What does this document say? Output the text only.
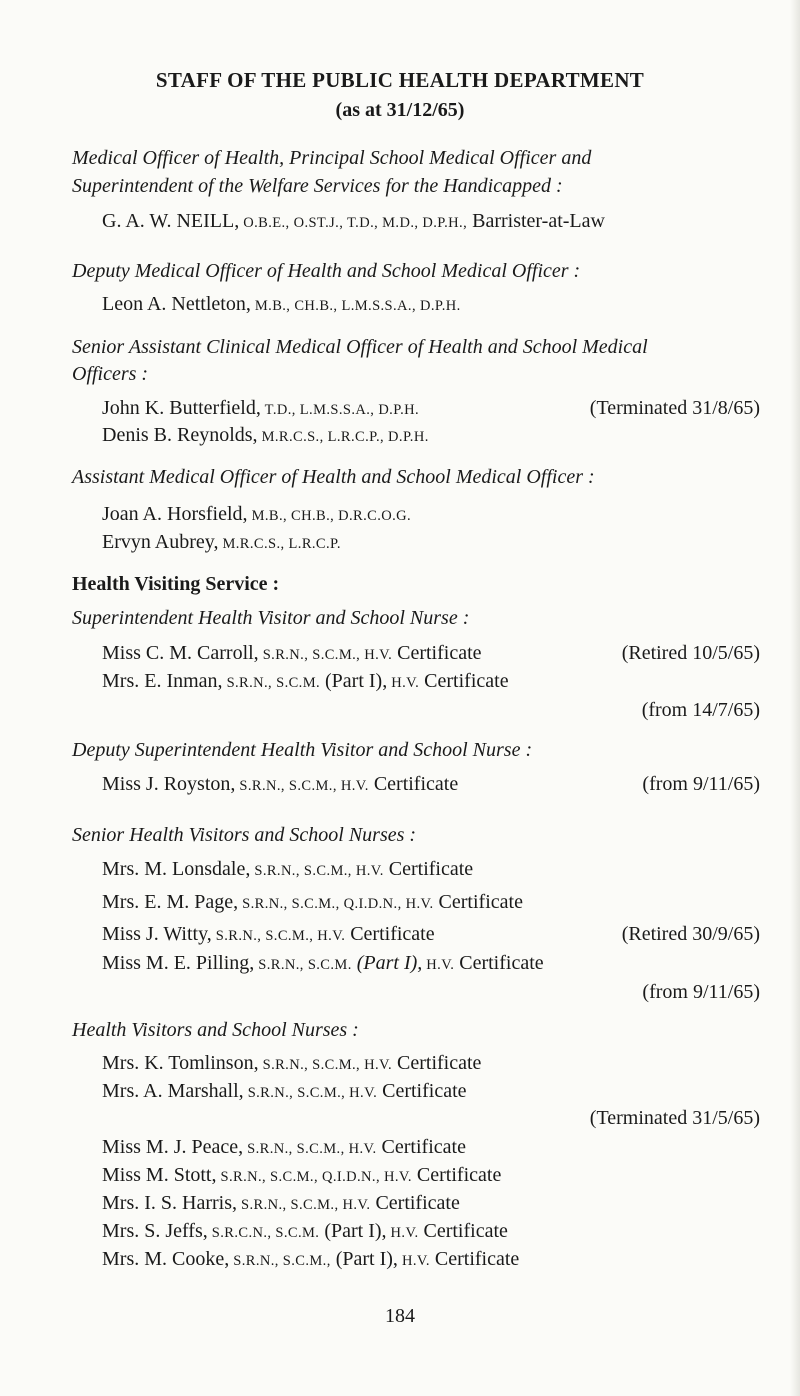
STAFF OF THE PUBLIC HEALTH DEPARTMENT
(as at 31/12/65)
Medical Officer of Health, Principal School Medical Officer and
Superintendent of the Welfare Services for the Handicapped :
G. A. W. NEILL, O.B.E., O.ST.J., T.D., M.D., D.P.H., Barrister-at-Law
Deputy Medical Officer of Health and School Medical Officer :
Leon A. Nettleton, M.B., CH.B., L.M.S.S.A., D.P.H.
Senior Assistant Clinical Medical Officer of Health and School Medical
Officers :
John K. Butterfield, T.D., L.M.S.S.A., D.P.H.	(Terminated 31/8/65)
Denis B. Reynolds, M.R.C.S., L.R.C.P., D.P.H.
Assistant Medical Officer of Health and School Medical Officer :
Joan A. Horsfield, M.B., CH.B., D.R.C.O.G.
Ervyn Aubrey, M.R.C.S., L.R.C.P.
Health Visiting Service :
Superintendent Health Visitor and School Nurse :
Miss C. M. Carroll, S.R.N., S.C.M., H.V. Certificate	(Retired 10/5/65)
Mrs. E. Inman, S.R.N., S.C.M. (Part I), H.V. Certificate
(from 14/7/65)
Deputy Superintendent Health Visitor and School Nurse :
Miss J. Royston, S.R.N., S.C.M., H.V. Certificate	(from 9/11/65)
Senior Health Visitors and School Nurses :
Mrs. M. Lonsdale, S.R.N., S.C.M., H.V. Certificate
Mrs. E. M. Page, S.R.N., S.C.M., Q.I.D.N., H.V. Certificate
Miss J. Witty, S.R.N., S.C.M., H.V. Certificate	(Retired 30/9/65)
Miss M. E. Pilling, S.R.N., S.C.M. (Part I), H.V. Certificate
(from 9/11/65)
Health Visitors and School Nurses :
Mrs. K. Tomlinson, S.R.N., S.C.M., H.V. Certificate
Mrs. A. Marshall, S.R.N., S.C.M., H.V. Certificate
(Terminated 31/5/65)
Miss M. J. Peace, S.R.N., S.C.M., H.V. Certificate
Miss M. Stott, S.R.N., S.C.M., Q.I.D.N., H.V. Certificate
Mrs. I. S. Harris, S.R.N., S.C.M., H.V. Certificate
Mrs. S. Jeffs, S.R.C.N., S.C.M. (Part I), H.V. Certificate
Mrs. M. Cooke, S.R.N., S.C.M., (Part I), H.V. Certificate
184
